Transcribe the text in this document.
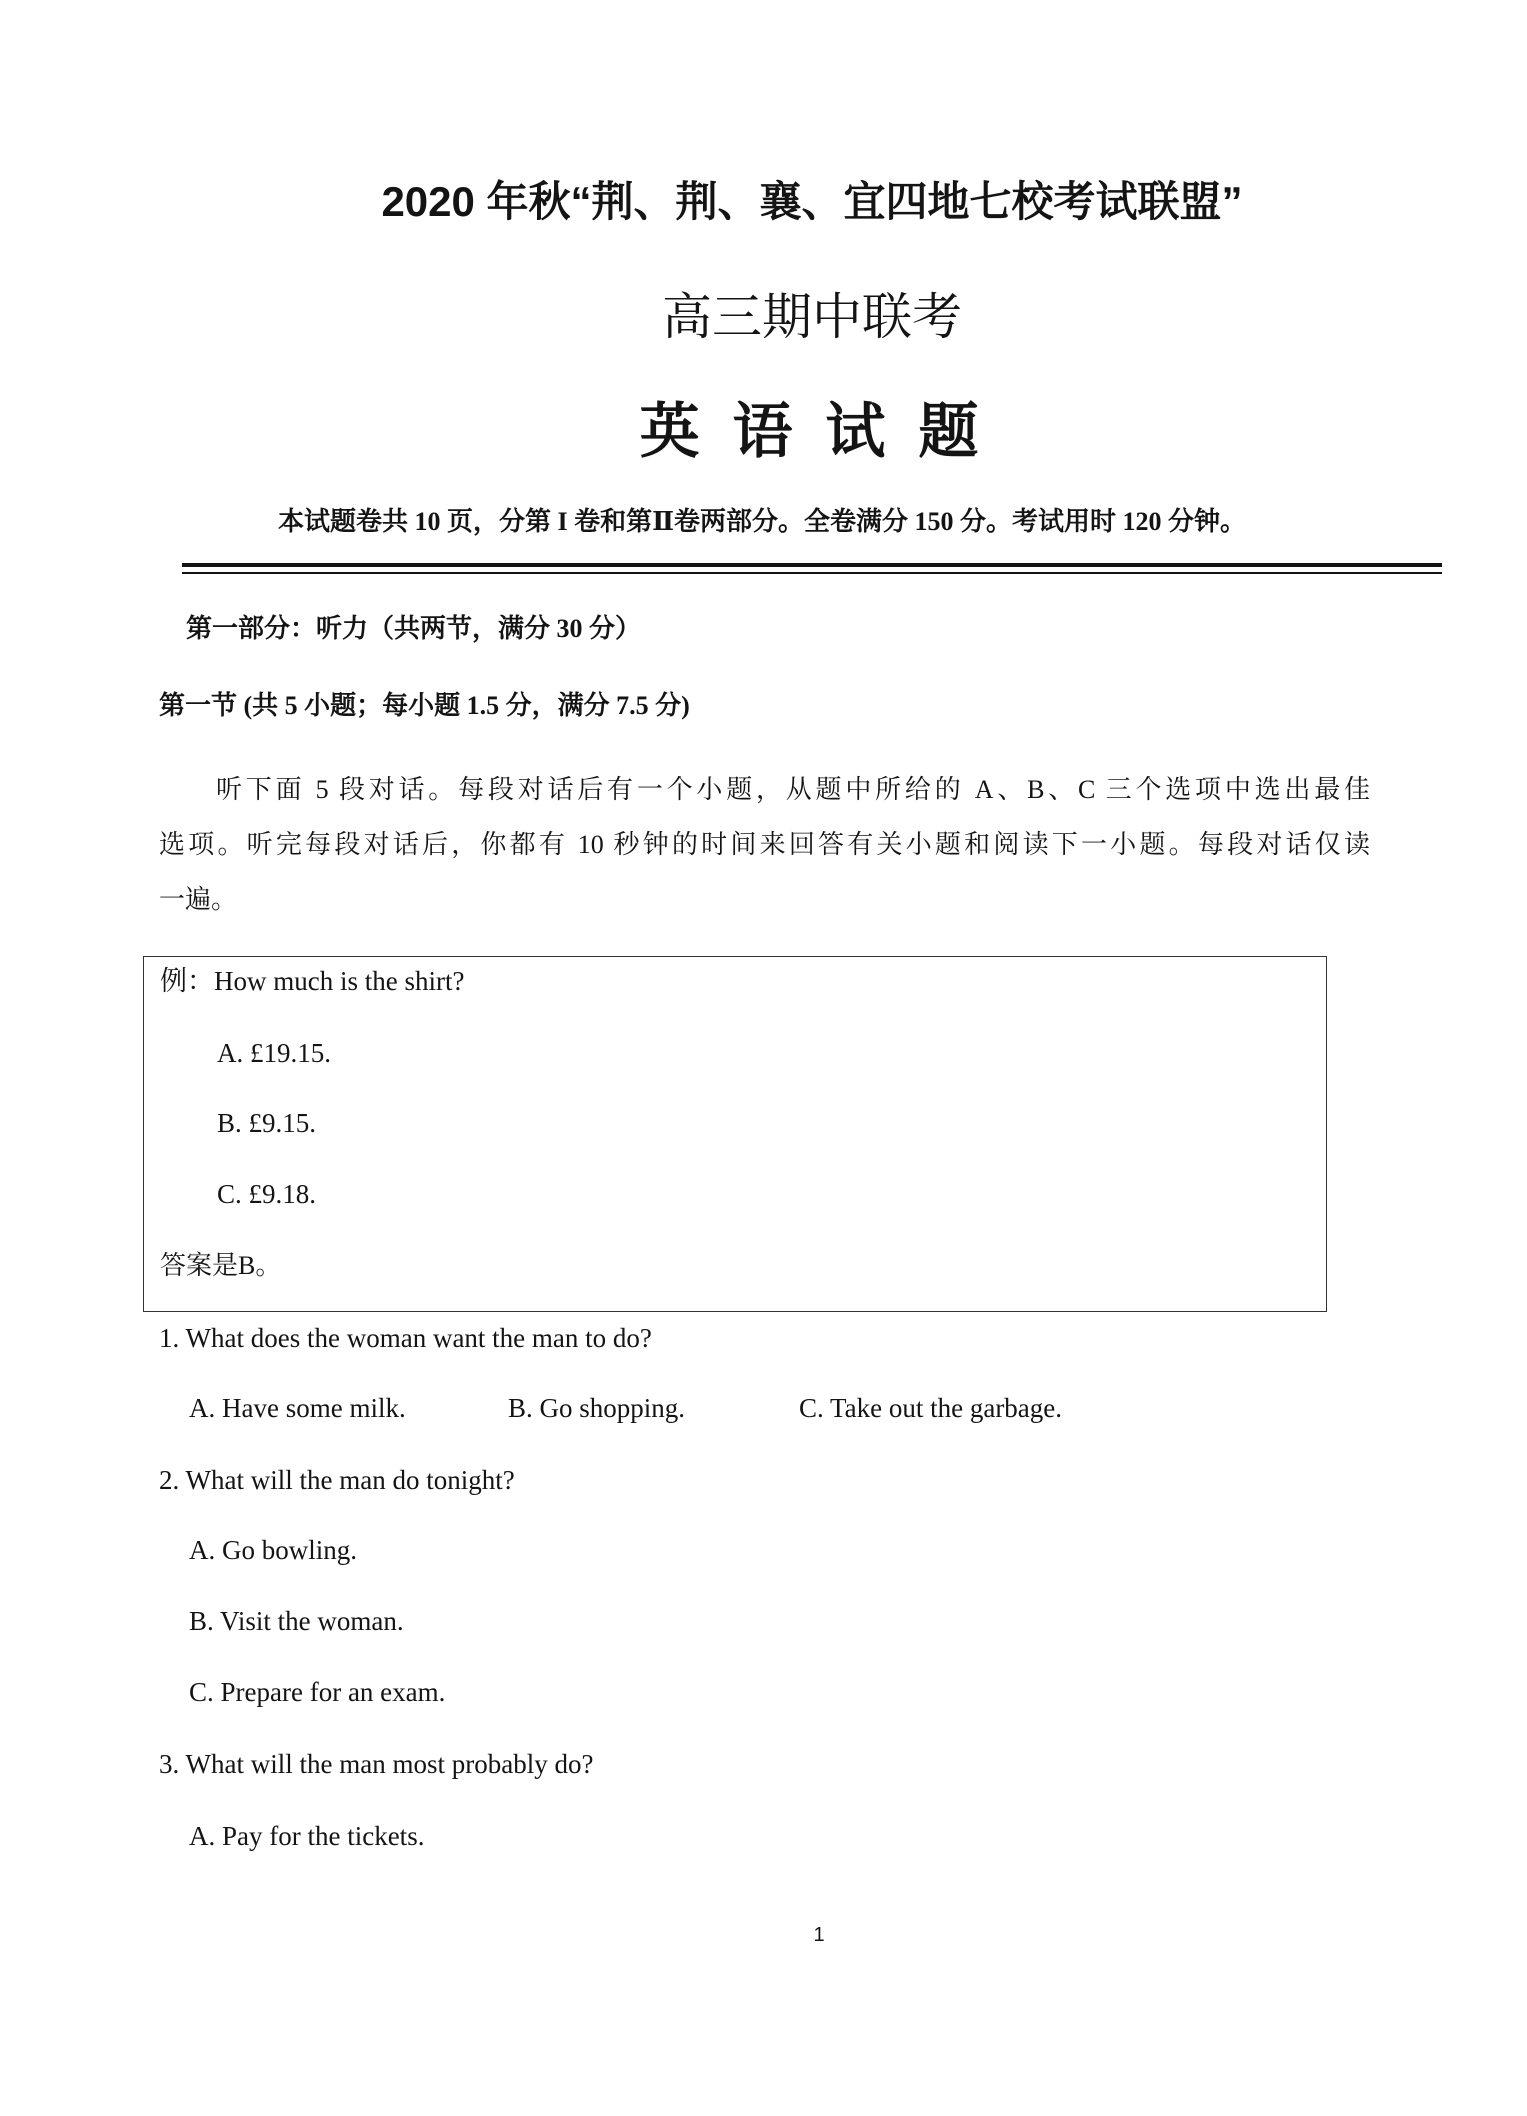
2020 年秋“荆、荆、襄、宜四地七校考试联盟”
高三期中联考
英 语 试 题
本试题卷共 10 页，分第 I 卷和第Ⅱ卷两部分。全卷满分 150 分。考试用时 120 分钟。
第一部分：听力（共两节，满分 30 分）
第一节 (共 5 小题；每小题 1.5 分，满分 7.5 分)
听下面 5 段对话。每段对话后有一个小题，从题中所给的 A、B、C 三个选项中选出最佳
选项。听完每段对话后，你都有 10 秒钟的时间来回答有关小题和阅读下一小题。每段对话仅读
一遍。
例：How much is the shirt?
A. £19.15.
B. £9.15.
C. £9.18.
答案是B。
1. What does the woman want the man to do?
A. Have some milk.	B. Go shopping.	C. Take out the garbage.
2. What will the man do tonight?
A. Go bowling.
B. Visit the woman.
C. Prepare for an exam.
3. What will the man most probably do?
A. Pay for the tickets.
1
